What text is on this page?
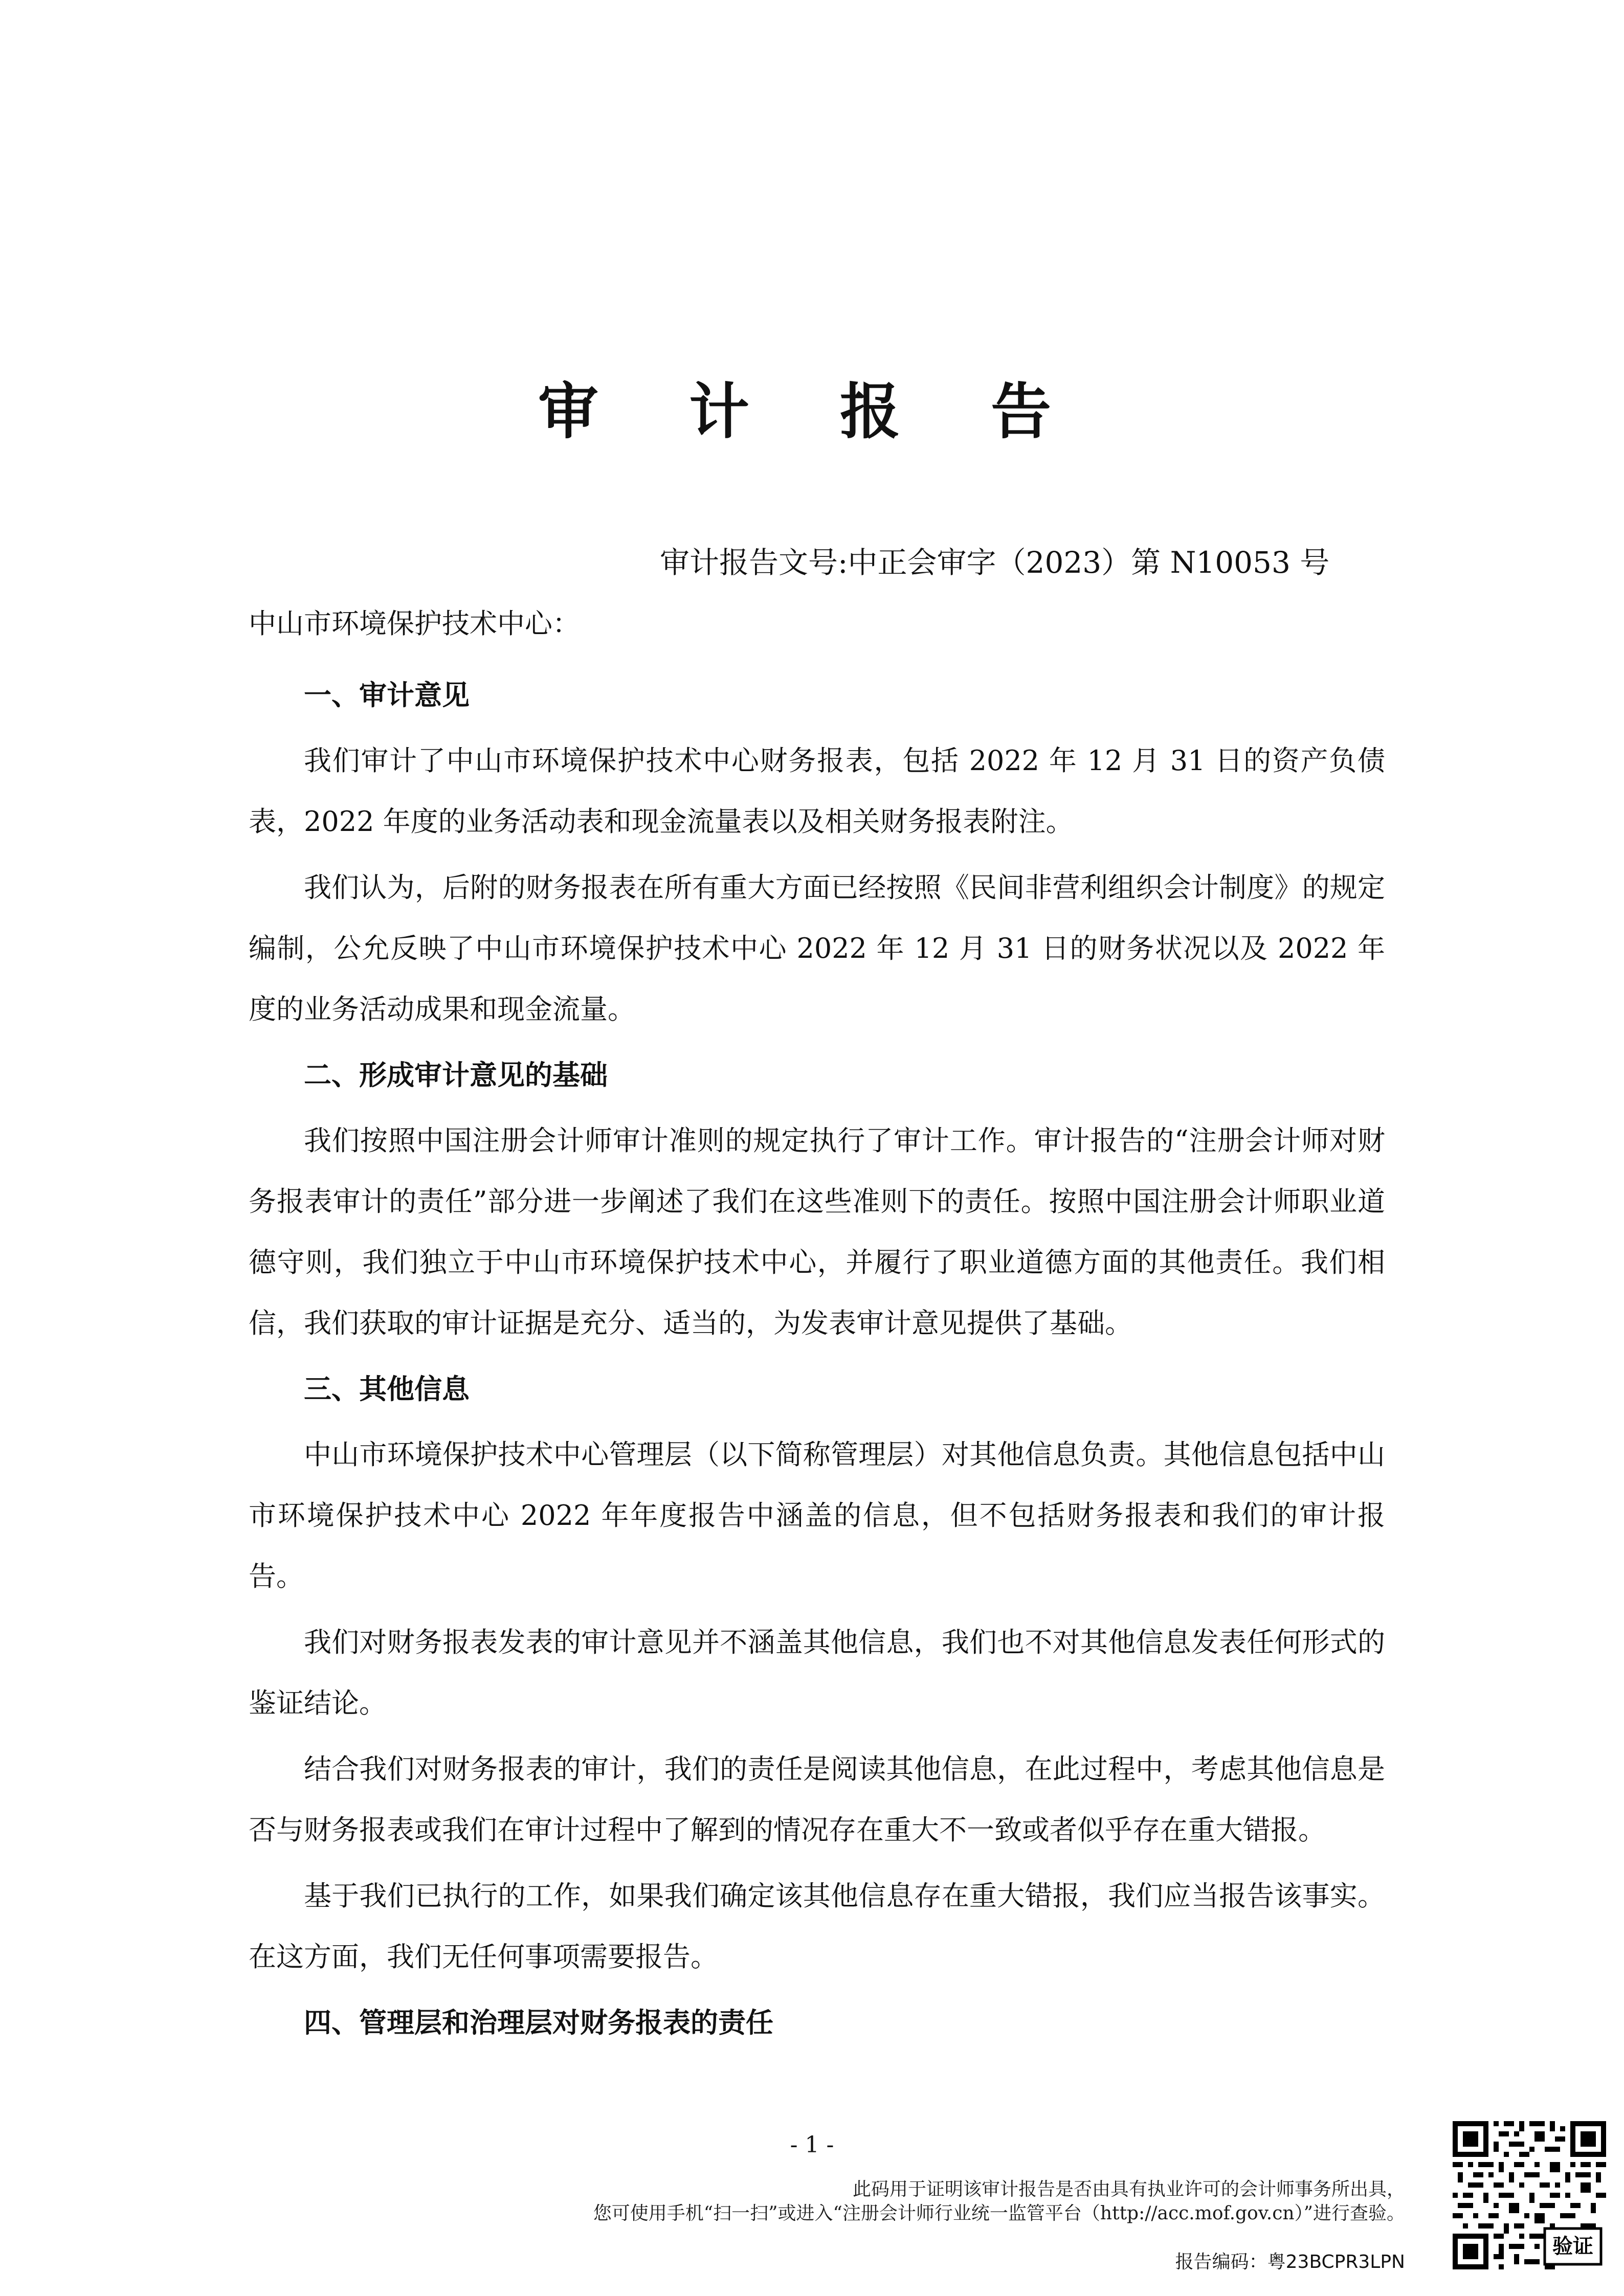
审 计 报 告
审计报告文号:中正会审字（2023）第 N10053 号
中山市环境保护技术中心：
一、审计意见

我们审计了中山市环境保护技术中心财务报表，包括 2022 年 12 月 31 日的资产负债表，2022 年度的业务活动表和现金流量表以及相关财务报表附注。

我们认为，后附的财务报表在所有重大方面已经按照《民间非营利组织会计制度》的规定编制，公允反映了中山市环境保护技术中心 2022 年 12 月 31 日的财务状况以及 2022 年度的业务活动成果和现金流量。

二、形成审计意见的基础

我们按照中国注册会计师审计准则的规定执行了审计工作。审计报告的“注册会计师对财务报表审计的责任”部分进一步阐述了我们在这些准则下的责任。按照中国注册会计师职业道德守则，我们独立于中山市环境保护技术中心，并履行了职业道德方面的其他责任。我们相信，我们获取的审计证据是充分、适当的，为发表审计意见提供了基础。

三、其他信息

中山市环境保护技术中心管理层（以下简称管理层）对其他信息负责。其他信息包括中山市环境保护技术中心 2022 年年度报告中涵盖的信息，但不包括财务报表和我们的审计报告。

我们对财务报表发表的审计意见并不涵盖其他信息，我们也不对其他信息发表任何形式的鉴证结论。

结合我们对财务报表的审计，我们的责任是阅读其他信息，在此过程中，考虑其他信息是否与财务报表或我们在审计过程中了解到的情况存在重大不一致或者似乎存在重大错报。

基于我们已执行的工作，如果我们确定该其他信息存在重大错报，我们应当报告该事实。在这方面，我们无任何事项需要报告。

四、管理层和治理层对财务报表的责任
- 1 -
此码用于证明该审计报告是否由具有执业许可的会计师事务所出具，
您可使用手机“扫一扫”或进入“注册会计师行业统一监管平台（http://acc.mof.gov.cn）”进行查验。
报告编码：粤23BCPR3LPN
验证
